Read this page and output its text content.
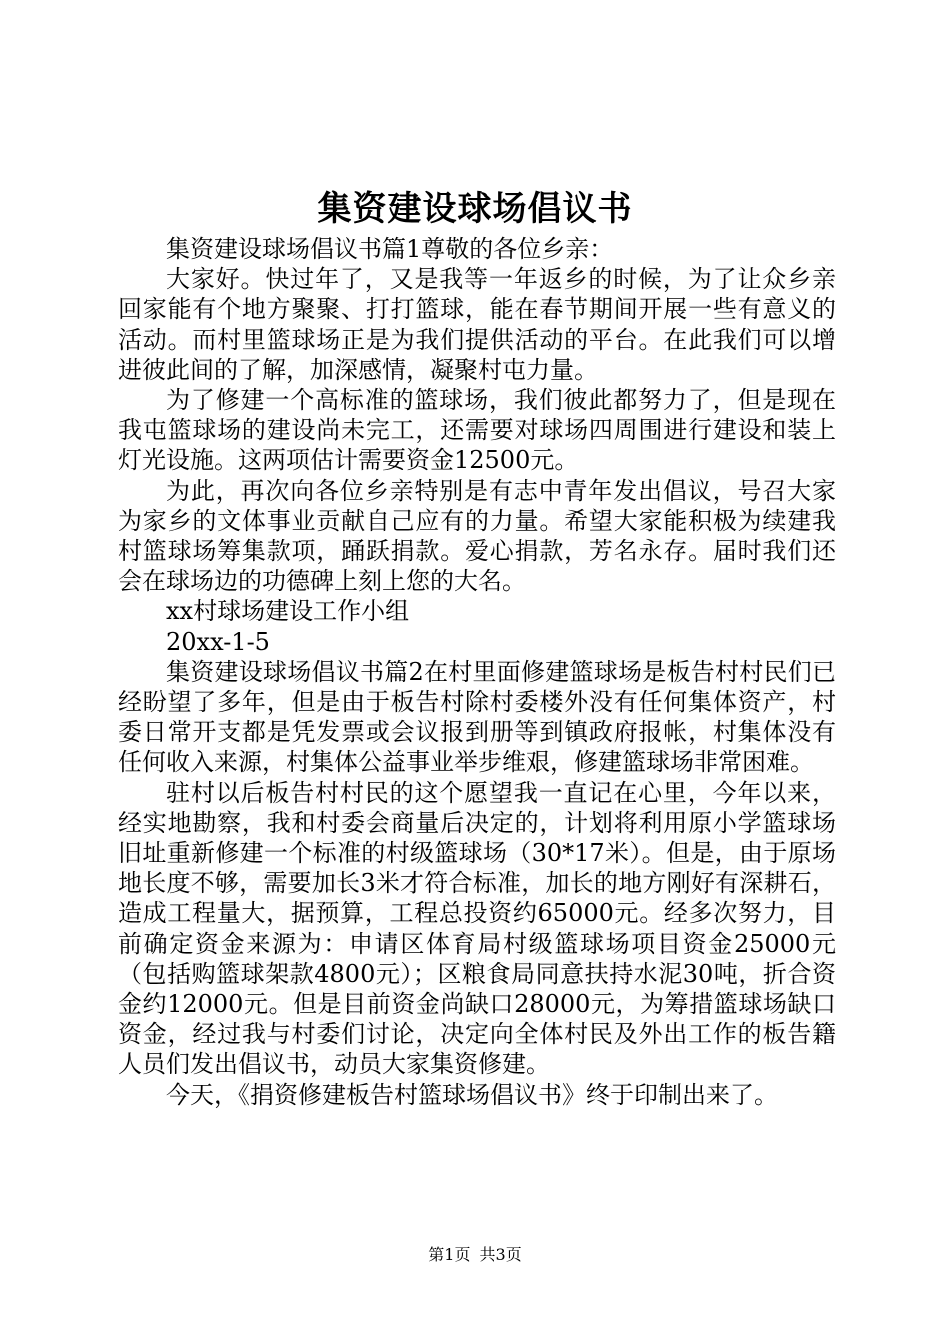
集资建设球场倡议书

集资建设球场倡议书篇1尊敬的各位乡亲：

大家好。快过年了，又是我等一年返乡的时候，为了让众乡亲回家能有个地方聚聚、打打篮球，能在春节期间开展一些有意义的活动。而村里篮球场正是为我们提供活动的平台。在此我们可以增进彼此间的了解，加深感情，凝聚村屯力量。

为了修建一个高标准的篮球场，我们彼此都努力了，但是现在我屯篮球场的建设尚未完工，还需要对球场四周围进行建设和装上灯光设施。这两项估计需要资金12500元。

为此，再次向各位乡亲特别是有志中青年发出倡议，号召大家为家乡的文体事业贡献自己应有的力量。希望大家能积极为续建我村篮球场筹集款项，踊跃捐款。爱心捐款，芳名永存。届时我们还会在球场边的功德碑上刻上您的大名。

xx村球场建设工作小组

20xx-1-5

集资建设球场倡议书篇2在村里面修建篮球场是板告村村民们已经盼望了多年，但是由于板告村除村委楼外没有任何集体资产，村委日常开支都是凭发票或会议报到册等到镇政府报帐，村集体没有任何收入来源，村集体公益事业举步维艰，修建篮球场非常困难。

驻村以后板告村村民的这个愿望我一直记在心里，今年以来，经实地勘察，我和村委会商量后决定的，计划将利用原小学篮球场旧址重新修建一个标准的村级篮球场（30*17米）。但是，由于原场地长度不够，需要加长3米才符合标准，加长的地方刚好有深耕石，造成工程量大，据预算，工程总投资约65000元。经多次努力，目前确定资金来源为：申请区体育局村级篮球场项目资金25000元（包括购篮球架款4800元）；区粮食局同意扶持水泥30吨，折合资金约12000元。但是目前资金尚缺口28000元，为筹措篮球场缺口资金，经过我与村委们讨论，决定向全体村民及外出工作的板告籍人员们发出倡议书，动员大家集资修建。

今天，《捐资修建板告村篮球场倡议书》终于印制出来了。

第1页 共3页
